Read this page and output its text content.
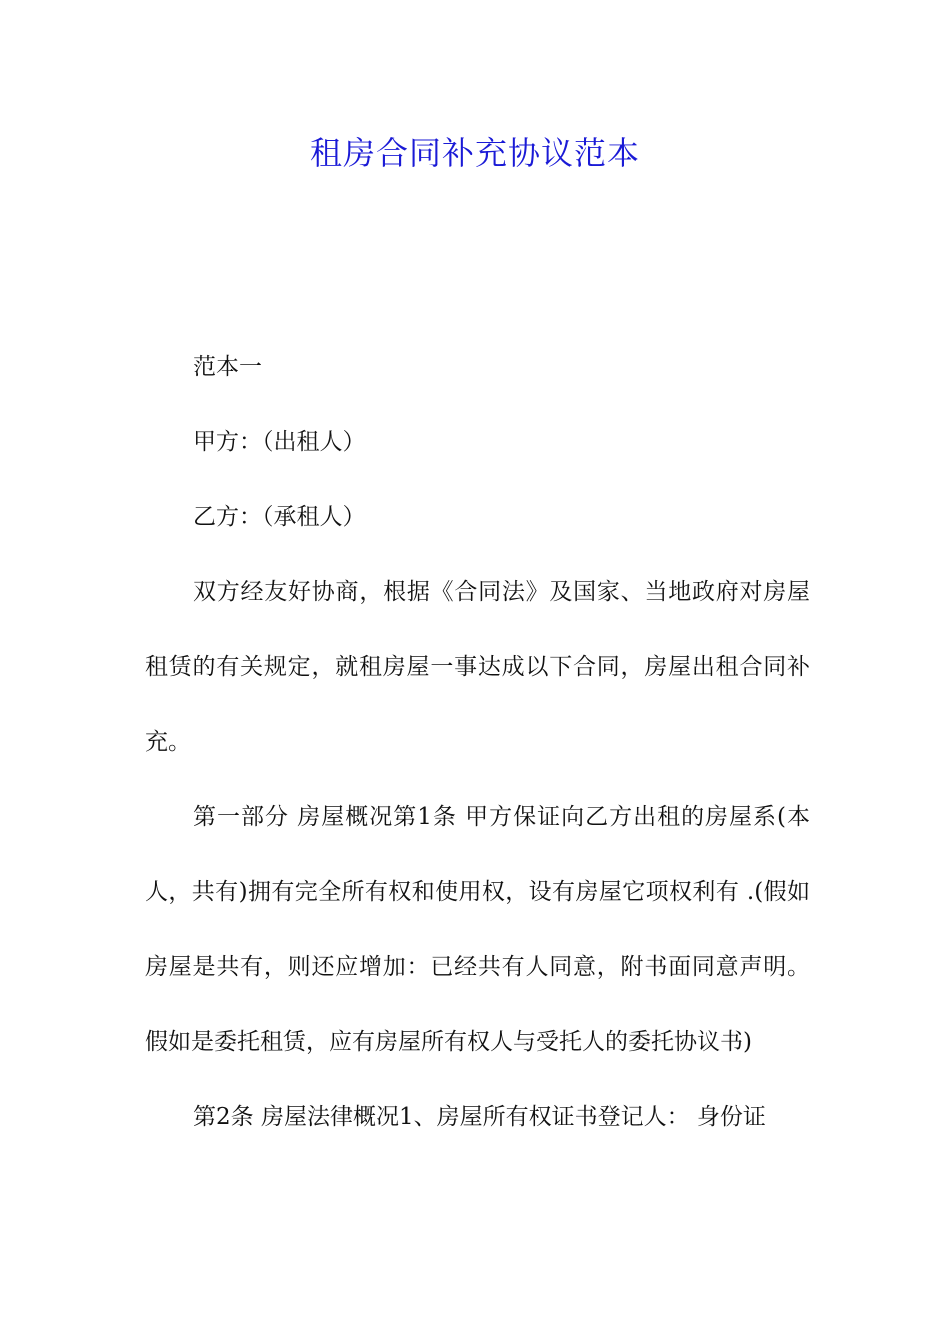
租房合同补充协议范本

范本一

甲方：（出租人）

乙方：（承租人）

双方经友好协商，根据《合同法》及国家、当地政府对房屋租赁的有关规定，就租房屋一事达成以下合同，房屋出租合同补充。

第一部分 房屋概况第1条 甲方保证向乙方出租的房屋系(本人，共有)拥有完全所有权和使用权，设有房屋它项权利有 .(假如房屋是共有，则还应增加：已经共有人同意，附书面同意声明。假如是委托租赁，应有房屋所有权人与受托人的委托协议书)

第2条 房屋法律概况1、房屋所有权证书登记人： 身份证
